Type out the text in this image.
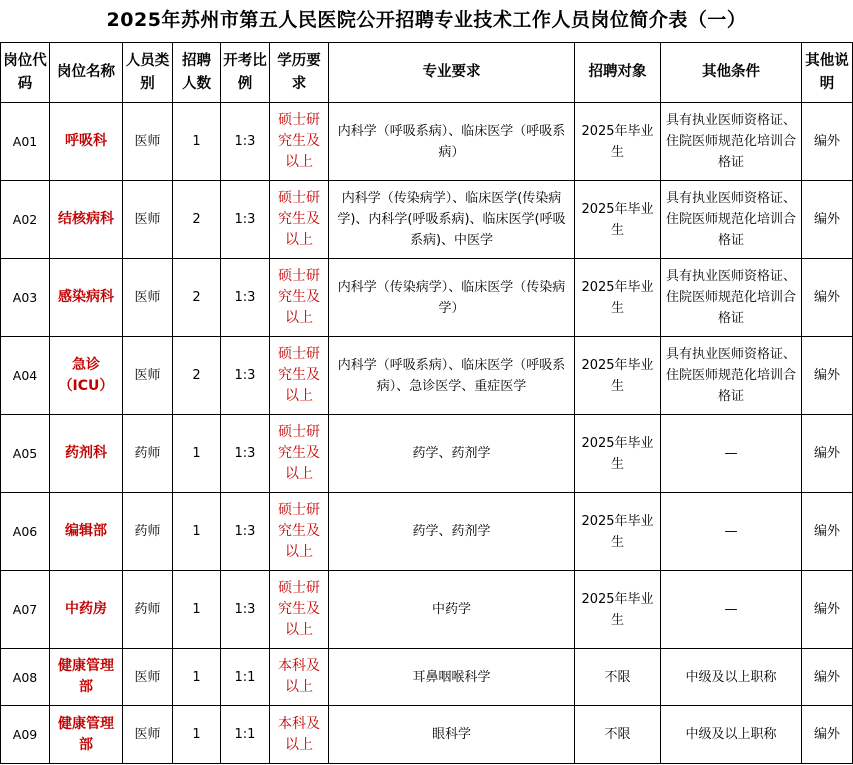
2025年苏州市第五人民医院公开招聘专业技术工作人员岗位简介表（一）
岗位代码	岗位名称	人员类别	招聘人数	开考比例	学历要求	专业要求	招聘对象	其他条件	其他说明
A01	呼吸科	医师	1	1:3	硕士研究生及以上	内科学（呼吸系病）、临床医学（呼吸系病）	2025年毕业生	具有执业医师资格证、住院医师规范化培训合格证	编外
A02	结核病科	医师	2	1:3	硕士研究生及以上	内科学（传染病学）、临床医学(传染病学)、内科学(呼吸系病)、临床医学(呼吸系病)、中医学	2025年毕业生	具有执业医师资格证、住院医师规范化培训合格证	编外
A03	感染病科	医师	2	1:3	硕士研究生及以上	内科学（传染病学）、临床医学（传染病学）	2025年毕业生	具有执业医师资格证、住院医师规范化培训合格证	编外
A04	急诊（ICU）	医师	2	1:3	硕士研究生及以上	内科学（呼吸系病）、临床医学（呼吸系病）、急诊医学、重症医学	2025年毕业生	具有执业医师资格证、住院医师规范化培训合格证	编外
A05	药剂科	药师	1	1:3	硕士研究生及以上	药学、药剂学	2025年毕业生	—	编外
A06	编辑部	药师	1	1:3	硕士研究生及以上	药学、药剂学	2025年毕业生	—	编外
A07	中药房	药师	1	1:3	硕士研究生及以上	中药学	2025年毕业生	—	编外
A08	健康管理部	医师	1	1:1	本科及以上	耳鼻咽喉科学	不限	中级及以上职称	编外
A09	健康管理部	医师	1	1:1	本科及以上	眼科学	不限	中级及以上职称	编外
